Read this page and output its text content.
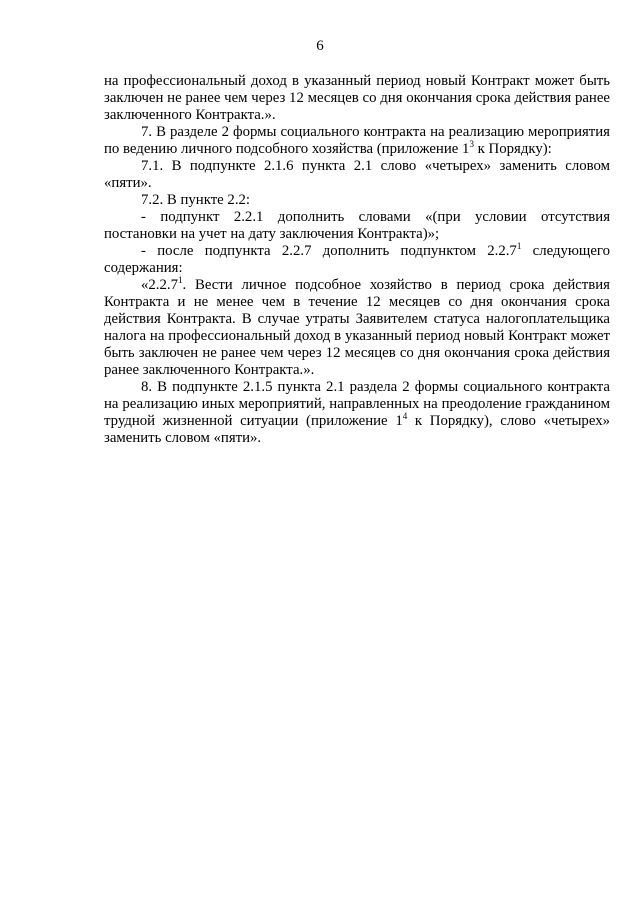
6

на профессиональный доход в указанный период новый Контракт может быть заключен не ранее чем через 12 месяцев со дня окончания срока действия ранее заключенного Контракта.».

7. В разделе 2 формы социального контракта на реализацию мероприятия по ведению личного подсобного хозяйства (приложение $1^3$ к Порядку):

7.1. В подпункте 2.1.6 пункта 2.1 слово «четырех» заменить словом «пяти».

7.2. В пункте 2.2:

- подпункт 2.2.1 дополнить словами «(при условии отсутствия постановки на учет на дату заключения Контракта)»;

- после подпункта 2.2.7 дополнить подпунктом 2.2.7$^1$ следующего содержания:

«2.2.7$^1$. Вести личное подсобное хозяйство в период срока действия Контракта и не менее чем в течение 12 месяцев со дня окончания срока действия Контракта. В случае утраты Заявителем статуса налогоплательщика налога на профессиональный доход в указанный период новый Контракт может быть заключен не ранее чем через 12 месяцев со дня окончания срока действия ранее заключенного Контракта.».

8. В подпункте 2.1.5 пункта 2.1 раздела 2 формы социального контракта на реализацию иных мероприятий, направленных на преодоление гражданином трудной жизненной ситуации (приложение $1^4$ к Порядку), слово «четырех» заменить словом «пяти».
